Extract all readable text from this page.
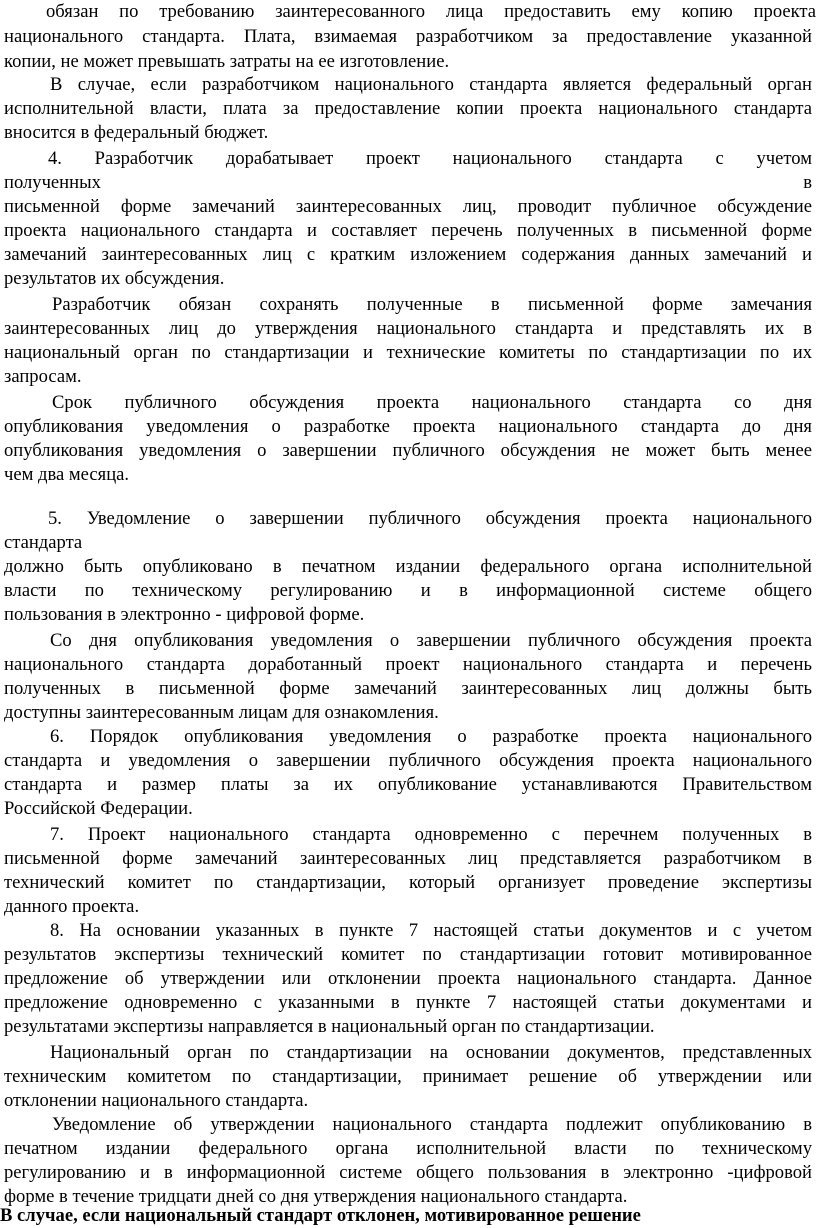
обязан по требованию заинтересованного лица предоставить ему копию проекта
национального стандарта. Плата, взимаемая разработчиком за предоставление указанной
копии, не может превышать затраты на ее изготовление.
В случае, если разработчиком национального стандарта является федеральный орган
исполнительной власти, плата за предоставление копии проекта национального стандарта
вносится в федеральный бюджет.
4. Разработчик дорабатывает проект национального стандарта с учетом
полученных в
письменной форме замечаний заинтересованных лиц, проводит публичное обсуждение
проекта национального стандарта и составляет перечень полученных в письменной форме
замечаний заинтересованных лиц с кратким изложением содержания данных замечаний и
результатов их обсуждения.
Разработчик обязан сохранять полученные в письменной форме замечания
заинтересованных лиц до утверждения национального стандарта и представлять их в
национальный орган по стандартизации и технические комитеты по стандартизации по их
запросам.
Срок публичного обсуждения проекта национального стандарта со дня
опубликования уведомления о разработке проекта национального стандарта до дня
опубликования уведомления о завершении публичного обсуждения не может быть менее
чем два месяца.
5. Уведомление о завершении публичного обсуждения проекта национального
стандарта
должно быть опубликовано в печатном издании федерального органа исполнительной
власти по техническому регулированию и в информационной системе общего
пользования в электронно - цифровой форме.
Со дня опубликования уведомления о завершении публичного обсуждения проекта
национального стандарта доработанный проект национального стандарта и перечень
полученных в письменной форме замечаний заинтересованных лиц должны быть
доступны заинтересованным лицам для ознакомления.
6. Порядок опубликования уведомления о разработке проекта национального
стандарта и уведомления о завершении публичного обсуждения проекта национального
стандарта и размер платы за их опубликование устанавливаются Правительством
Российской Федерации.
7. Проект национального стандарта одновременно с перечнем полученных в
письменной форме замечаний заинтересованных лиц представляется разработчиком в
технический комитет по стандартизации, который организует проведение экспертизы
данного проекта.
8. На основании указанных в пункте 7 настоящей статьи документов и с учетом
результатов экспертизы технический комитет по стандартизации готовит мотивированное
предложение об утверждении или отклонении проекта национального стандарта. Данное
предложение одновременно с указанными в пункте 7 настоящей статьи документами и
результатами экспертизы направляется в национальный орган по стандартизации.
Национальный орган по стандартизации на основании документов, представленных
техническим комитетом по стандартизации, принимает решение об утверждении или
отклонении национального стандарта.
Уведомление об утверждении национального стандарта подлежит опубликованию в
печатном издании федерального органа исполнительной власти по техническому
регулированию и в информационной системе общего пользования в электронно -цифровой
форме в течение тридцати дней со дня утверждения национального стандарта.
В случае, если национальный стандарт отклонен, мотивированное решение
